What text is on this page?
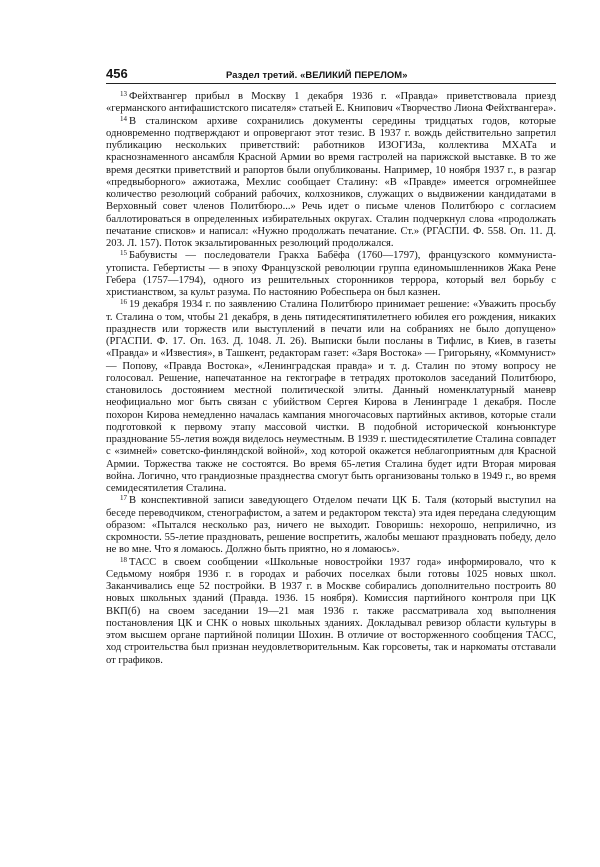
456	Раздел третий. «ВЕЛИКИЙ ПЕРЕЛОМ»

$^{13}$ Фейхтвангер прибыл в Москву 1 декабря 1936 г. «Правда» приветствовала приезд «германского антифашистского писателя» статьей Е. Книпович «Творчество Лиона Фейхтвангера».

$^{14}$ В сталинском архиве сохранились документы середины тридцатых годов, которые одновременно подтверждают и опровергают этот тезис. В 1937 г. вождь действительно запретил публикацию нескольких приветствий: работников ИЗОГИЗа, коллектива МХАТа и краснознаменного ансамбля Красной Армии во время гастролей на парижской выставке. В то же время десятки приветствий и рапортов были опубликованы. Например, 10 ноября 1937 г., в разгар «предвыборного» ажиотажа, Мехлис сообщает Сталину: «В «Правде» имеется огромнейшее количество резолюций собраний рабочих, колхозников, служащих о выдвижении кандидатами в Верховный совет членов Политбюро...» Речь идет о письме членов Политбюро с согласием баллотироваться в определенных избирательных округах. Сталин подчеркнул слова «продолжать печатание списков» и написал: «Нужно продолжать печатание. Ст.» (РГАСПИ. Ф. 558. Оп. 11. Д. 203. Л. 157). Поток экзальтированных резолюций продолжался.

$^{15}$ Бабувисты — последователи Гракха Бабёфа (1760—1797), французского коммуниста-утописта. Гебертисты — в эпоху Французской революции группа единомышленников Жака Рене Гебера (1757—1794), одного из решительных сторонников террора, который вел борьбу с христианством, за культ разума. По настоянию Робеспьера он был казнен.

$^{16}$ 19 декабря 1934 г. по заявлению Сталина Политбюро принимает решение: «Уважить просьбу т. Сталина о том, чтобы 21 декабря, в день пятидесятипятилетнего юбилея его рождения, никаких празднеств или торжеств или выступлений в печати или на собраниях не было допущено» (РГАСПИ. Ф. 17. Оп. 163. Д. 1048. Л. 26). Выписки были посланы в Тифлис, в Киев, в газеты «Правда» и «Известия», в Ташкент, редакторам газет: «Заря Востока» — Григорьяну, «Коммунист» — Попову, «Правда Востока», «Ленинградская правда» и т. д. Сталин по этому вопросу не голосовал. Решение, напечатанное на гектографе в тетрадях протоколов заседаний Политбюро, становилось достоянием местной политической элиты. Данный номенклатурный маневр неофициально мог быть связан с убийством Сергея Кирова в Ленинграде 1 декабря. После похорон Кирова немедленно началась кампания многочасовых партийных активов, которые стали подготовкой к первому этапу массовой чистки. В подобной исторической конъюнктуре празднование 55-летия вождя виделось неуместным. В 1939 г. шестидесятилетие Сталина совпадет с «зимней» советско-финляндской войной», ход которой окажется неблагоприятным для Красной Армии. Торжества также не состоятся. Во время 65-летия Сталина будет идти Вторая мировая война. Логично, что грандиозные празднества смогут быть организованы только в 1949 г., во время семидесятилетия Сталина.

$^{17}$ В конспективной записи заведующего Отделом печати ЦК Б. Таля (который выступил на беседе переводчиком, стенографистом, а затем и редактором текста) эта идея передана следующим образом: «Пытался несколько раз, ничего не выходит. Говоришь: нехорошо, неприлично, из скромности. 55-летие праздновать, решение воспретить, жалобы мешают праздновать победу, дело не во мне. Что я ломаюсь. Должно быть приятно, но я ломаюсь».

$^{18}$ ТАСС в своем сообщении «Школьные новостройки 1937 года» информировало, что к Седьмому ноября 1936 г. в городах и рабочих поселках были готовы 1025 новых школ. Заканчивались еще 52 постройки. В 1937 г. в Москве собирались дополнительно построить 80 новых школьных зданий (Правда. 1936. 15 ноября). Комиссия партийного контроля при ЦК ВКП(б) на своем заседании 19—21 мая 1936 г. также рассматривала ход выполнения постановления ЦК и СНК о новых школьных зданиях. Докладывал ревизор области культуры в этом высшем органе партийной полиции Шохин. В отличие от восторженного сообщения ТАСС, ход строительства был признан неудовлетворительным. Как горсоветы, так и наркоматы отставали от графиков.
